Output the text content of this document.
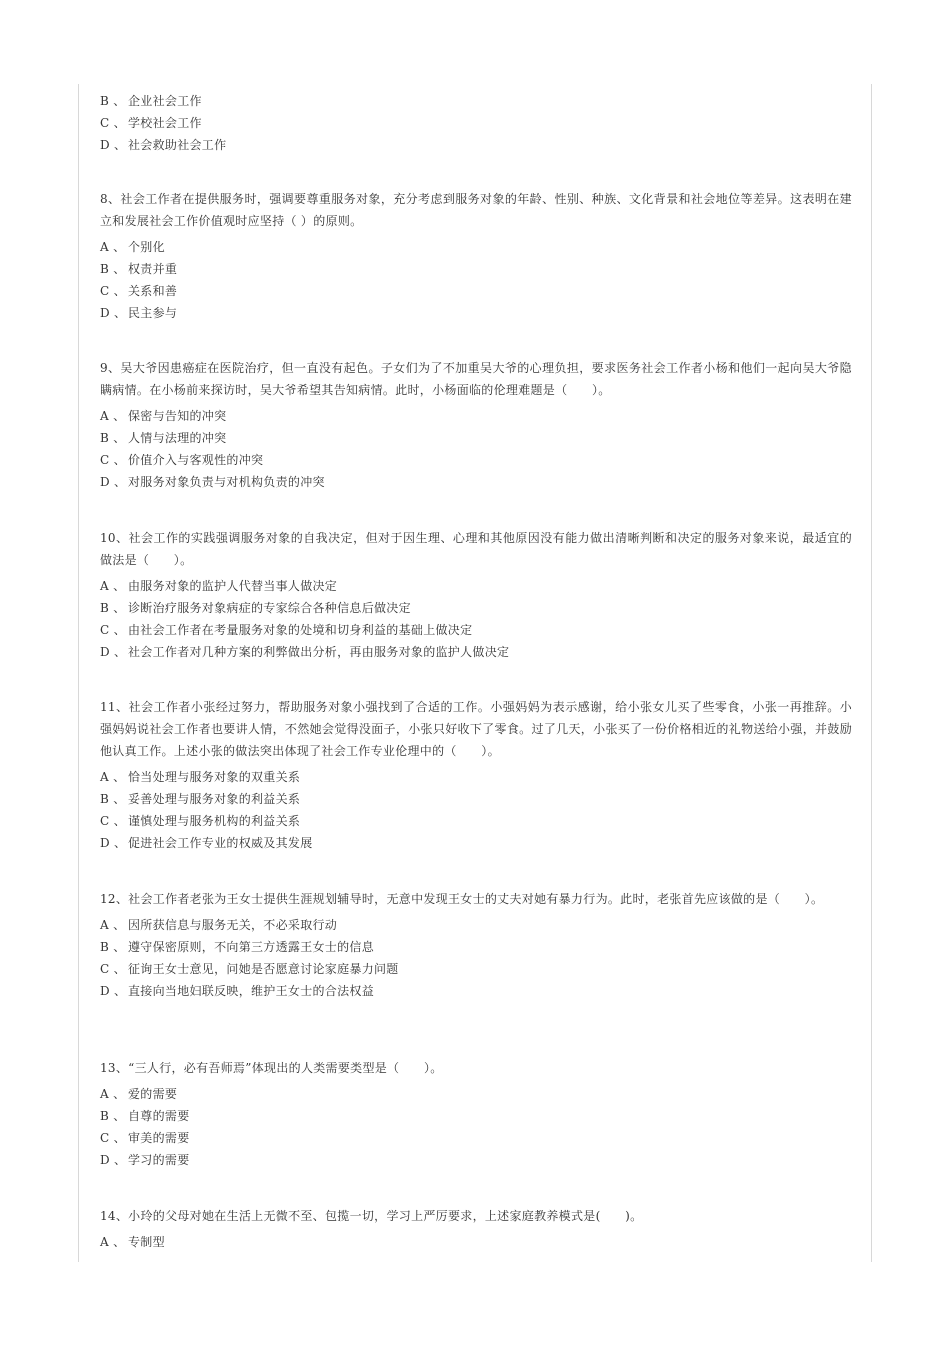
B 、 企业社会工作
C 、 学校社会工作
D 、 社会救助社会工作

8、社会工作者在提供服务时，强调要尊重服务对象，充分考虑到服务对象的年龄、性别、种族、文化背景和社会地位等差异。这表明在建立和发展社会工作价值观时应坚持（ ）的原则。

A 、 个别化
B 、 权责并重
C 、 关系和善
D 、 民主参与

9、吴大爷因患癌症在医院治疗，但一直没有起色。子女们为了不加重吴大爷的心理负担，要求医务社会工作者小杨和他们一起向吴大爷隐瞒病情。在小杨前来探访时，吴大爷希望其告知病情。此时，小杨面临的伦理难题是（　　）。

A 、 保密与告知的冲突
B 、 人情与法理的冲突
C 、 价值介入与客观性的冲突
D 、 对服务对象负责与对机构负责的冲突

10、社会工作的实践强调服务对象的自我决定，但对于因生理、心理和其他原因没有能力做出清晰判断和决定的服务对象来说，最适宜的做法是（　　）。

A 、 由服务对象的监护人代替当事人做决定
B 、 诊断治疗服务对象病症的专家综合各种信息后做决定
C 、 由社会工作者在考量服务对象的处境和切身利益的基础上做决定
D 、 社会工作者对几种方案的利弊做出分析，再由服务对象的监护人做决定

11、社会工作者小张经过努力，帮助服务对象小强找到了合适的工作。小强妈妈为表示感谢，给小张女儿买了些零食，小张一再推辞。小强妈妈说社会工作者也要讲人情，不然她会觉得没面子，小张只好收下了零食。过了几天，小张买了一份价格相近的礼物送给小强，并鼓励他认真工作。上述小张的做法突出体现了社会工作专业伦理中的（　　）。

A 、 恰当处理与服务对象的双重关系
B 、 妥善处理与服务对象的利益关系
C 、 谨慎处理与服务机构的利益关系
D 、 促进社会工作专业的权威及其发展

12、社会工作者老张为王女士提供生涯规划辅导时，无意中发现王女士的丈夫对她有暴力行为。此时，老张首先应该做的是（　　）。

A 、 因所获信息与服务无关，不必采取行动
B 、 遵守保密原则，不向第三方透露王女士的信息
C 、 征询王女士意见，问她是否愿意讨论家庭暴力问题
D 、 直接向当地妇联反映，维护王女士的合法权益

13、“三人行，必有吾师焉”体现出的人类需要类型是（　　）。

A 、 爱的需要
B 、 自尊的需要
C 、 审美的需要
D 、 学习的需要

14、小玲的父母对她在生活上无微不至、包揽一切，学习上严厉要求，上述家庭教养模式是(　　)。

A 、 专制型
